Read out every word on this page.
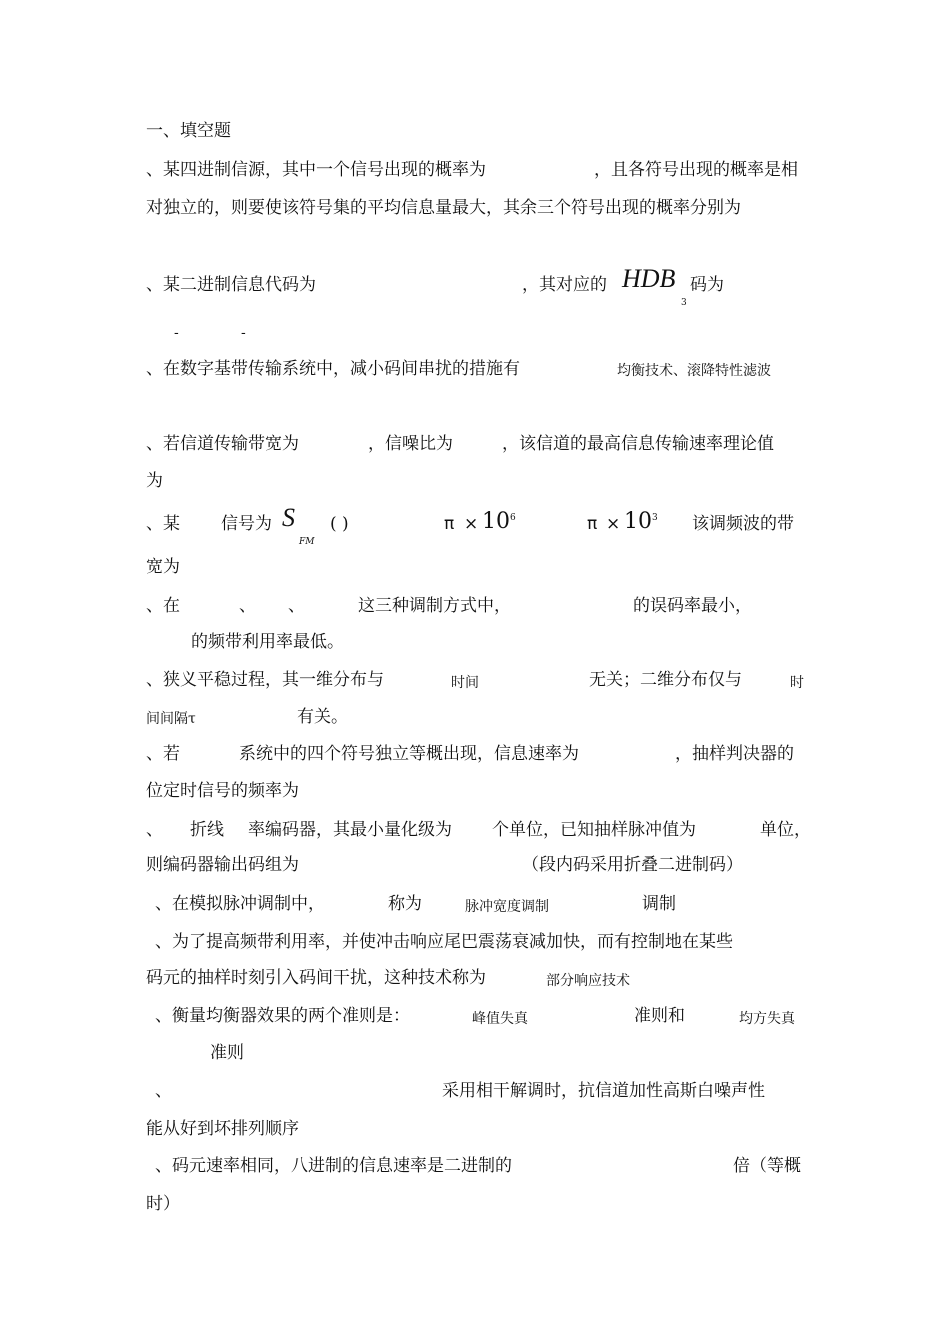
一、填空题
、某四进制信源，其中一个信号出现的概率为	，且各符号出现的概率是相
对独立的，则要使该符号集的平均信息量最大，其余三个符号出现的概率分别为
、某二进制信息代码为	，其对应的 HDB
3
码为
-	-
、在数字基带传输系统中，减小码间串扰的措施有	均衡技术、滚降特性滤波
、若信道传输带宽为	，信噪比为	，该信道的最高信息传输速率理论值
为
、某 信号为 S
FM
( )	π × 10 6	π × 10 3 该调频波的带
宽为
、在	、 、	这三种调制方式中，	的误码率最小，
的频带利用率最低。
、狭义平稳过程，其一维分布与	时间	无关；二维分布仅与	时
间间隔τ	有关。
、若	系统中的四个符号独立等概出现，信息速率为	，抽样判决器的
位定时信号的频率为
、 折线 率编码器，其最小量化级为 个单位，已知抽样脉冲值为	单位，
则编码器输出码组为	（段内码采用折叠二进制码）
、在模拟脉冲调制中，	称为	脉冲宽度调制	调制
、为了提高频带利用率，并使冲击响应尾巴震荡衰减加快，而有控制地在某些
码元的抽样时刻引入码间干扰，这种技术称为	部分响应技术
、衡量均衡器效果的两个准则是：	峰值失真	准则和	均方失真
准则
、	采用相干解调时，抗信道加性高斯白噪声性
能从好到坏排列顺序
、码元速率相同，八进制的信息速率是二进制的	倍（等概
时）
